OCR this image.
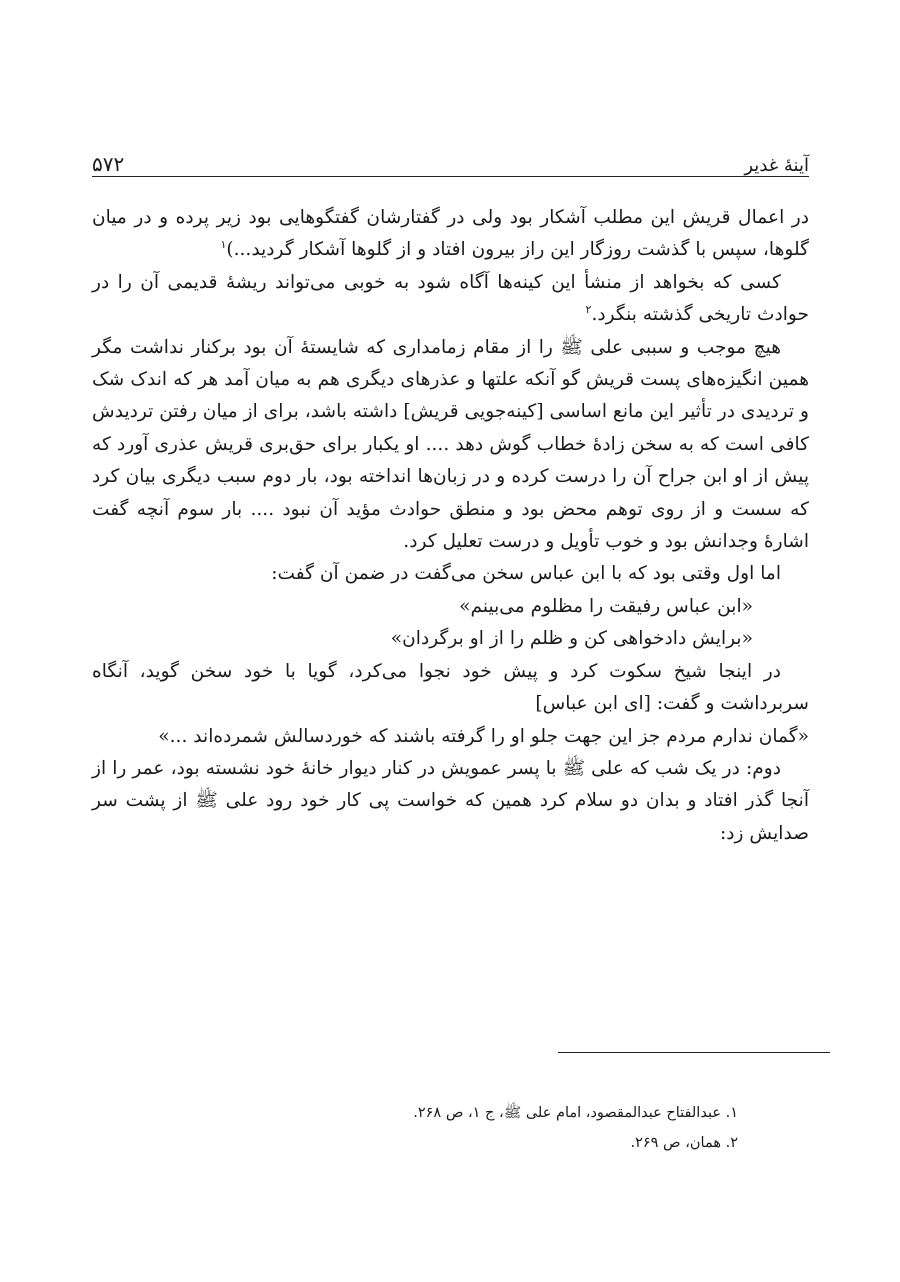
آینهٔ غدیر
۵۷۲

در اعمال قریش این مطلب آشکار بود ولی در گفتارشان گفتگوهایی بود زیر پرده و در میان گلوها، سپس با گذشت روزگار این راز بیرون افتاد و از گلوها آشکار گردید...)$^۱$

کسی که بخواهد از منشأ این کینه‌ها آگاه شود به خوبی می‌تواند ریشهٔ قدیمی آن را در حوادث تاریخی گذشته بنگرد.$^۲$

هیچ موجب و سببی علی ﷺ را از مقام زمامداری که شایستهٔ آن بود برکنار نداشت مگر همین انگیزه‌های پست قریش گو آنکه علتها و عذرهای دیگری هم به میان آمد هر که اندک شک و تردیدی در تأثیر این مانع اساسی [کینه‌جویی قریش] داشته باشد، برای از میان رفتن تردیدش کافی است که به سخن زادهٔ خطاب گوش دهد .... او یکبار برای حق‌بری قریش عذری آورد که پیش از او ابن جراح آن را درست کرده و در زبان‌ها انداخته بود، بار دوم سبب دیگری بیان کرد که سست و از روی توهم محض بود و منطق حوادث مؤید آن نبود .... بار سوم آنچه گفت اشارهٔ وجدانش بود و خوب تأویل و درست تعلیل کرد.

اما اول وقتی بود که با ابن عباس سخن می‌گفت در ضمن آن گفت:

«ابن عباس رفیقت را مظلوم می‌بینم»

«برایش دادخواهی کن و ظلم را از او برگردان»

در اینجا شیخ سکوت کرد و پیش خود نجوا می‌کرد، گویا با خود سخن گوید، آنگاه سربرداشت و گفت: [ای ابن عباس]

«گمان ندارم مردم جز این جهت جلو او را گرفته باشند که خوردسالش شمرده‌اند ...»

دوم: در یک شب که علی ﷺ با پسر عمویش در کنار دیوار خانهٔ خود نشسته بود، عمر را از آنجا گذر افتاد و بدان دو سلام کرد همین که خواست پی کار خود رود علی ﷺ از پشت سر صدایش زد:

۱. عبدالفتاح عبدالمقصود، امام علی ﷺ، ج ۱، ص ۲۶۸.
۲. همان، ص ۲۶۹.
